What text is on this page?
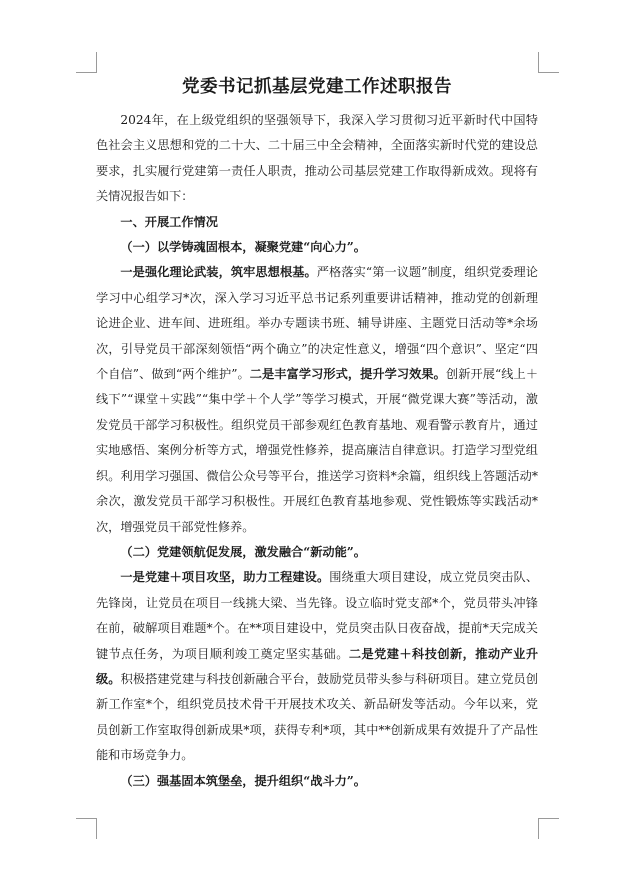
党委书记抓基层党建工作述职报告

2024年，在上级党组织的坚强领导下，我深入学习贯彻习近平新时代中国特色社会主义思想和党的二十大、二十届三中全会精神，全面落实新时代党的建设总要求，扎实履行党建第一责任人职责，推动公司基层党建工作取得新成效。现将有关情况报告如下：

一、开展工作情况

（一）以学铸魂固根本，凝聚党建“向心力”。

一是强化理论武装，筑牢思想根基。严格落实“第一议题”制度，组织党委理论学习中心组学习*次，深入学习习近平总书记系列重要讲话精神，推动党的创新理论进企业、进车间、进班组。举办专题读书班、辅导讲座、主题党日活动等*余场次，引导党员干部深刻领悟“两个确立”的决定性意义，增强“四个意识”、坚定“四个自信”、做到“两个维护”。二是丰富学习形式，提升学习效果。创新开展“线上＋线下”“课堂＋实践”“集中学＋个人学”等学习模式，开展“微党课大赛”等活动，激发党员干部学习积极性。组织党员干部参观红色教育基地、观看警示教育片，通过实地感悟、案例分析等方式，增强党性修养，提高廉洁自律意识。打造学习型党组织。利用学习强国、微信公众号等平台，推送学习资料*余篇，组织线上答题活动*余次，激发党员干部学习积极性。开展红色教育基地参观、党性锻炼等实践活动*次，增强党员干部党性修养。

（二）党建领航促发展，激发融合“新动能”。

一是党建＋项目攻坚，助力工程建设。围绕重大项目建设，成立党员突击队、先锋岗，让党员在项目一线挑大梁、当先锋。设立临时党支部*个，党员带头冲锋在前，破解项目难题*个。在**项目建设中，党员突击队日夜奋战，提前*天完成关键节点任务，为项目顺利竣工奠定坚实基础。二是党建＋科技创新，推动产业升级。积极搭建党建与科技创新融合平台，鼓励党员带头参与科研项目。建立党员创新工作室*个，组织党员技术骨干开展技术攻关、新品研发等活动。今年以来，党员创新工作室取得创新成果*项，获得专利*项，其中**创新成果有效提升了产品性能和市场竞争力。

（三）强基固本筑堡垒，提升组织“战斗力”。
